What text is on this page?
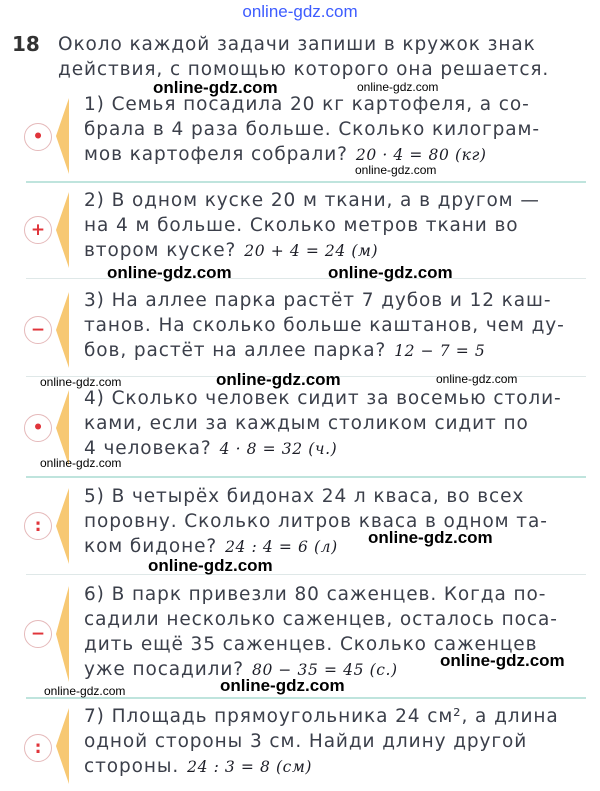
online-gdz.com
18 Около каждой задачи запиши в кружок знак
действия, с помощью которого она решается.
•
1) Семья посадила 20 кг картофеля, а со-
брала в 4 раза больше. Сколько килограм-
мов картофеля собрали? 20 · 4 = 80 (кг)
+
2) В одном куске 20 м ткани, а в другом —
на 4 м больше. Сколько метров ткани во
втором куске? 20 + 4 = 24 (м)
−
3) На аллее парка растёт 7 дубов и 12 каш-
танов. На сколько больше каштанов, чем ду-
бов, растёт на аллее парка? 12 − 7 = 5
•
4) Сколько человек сидит за восемью столи-
ками, если за каждым столиком сидит по
4 человека? 4 · 8 = 32 (ч.)
:
5) В четырёх бидонах 24 л кваса, во всех
поровну. Сколько литров кваса в одном та-
ком бидоне? 24 : 4 = 6 (л)
−
6) В парк привезли 80 саженцев. Когда по-
садили несколько саженцев, осталось поса-
дить ещё 35 саженцев. Сколько саженцев
уже посадили? 80 − 35 = 45 (с.)
:
7) Площадь прямоугольника 24 см², а длина
одной стороны 3 см. Найди длину другой
стороны. 24 : 3 = 8 (см)
online-gdz.com	online-gdz.com
online-gdz.com
online-gdz.com	online-gdz.com
online-gdz.com	online-gdz.com	online-gdz.com
online-gdz.com
online-gdz.com
online-gdz.com
online-gdz.com
online-gdz.com	online-gdz.com
